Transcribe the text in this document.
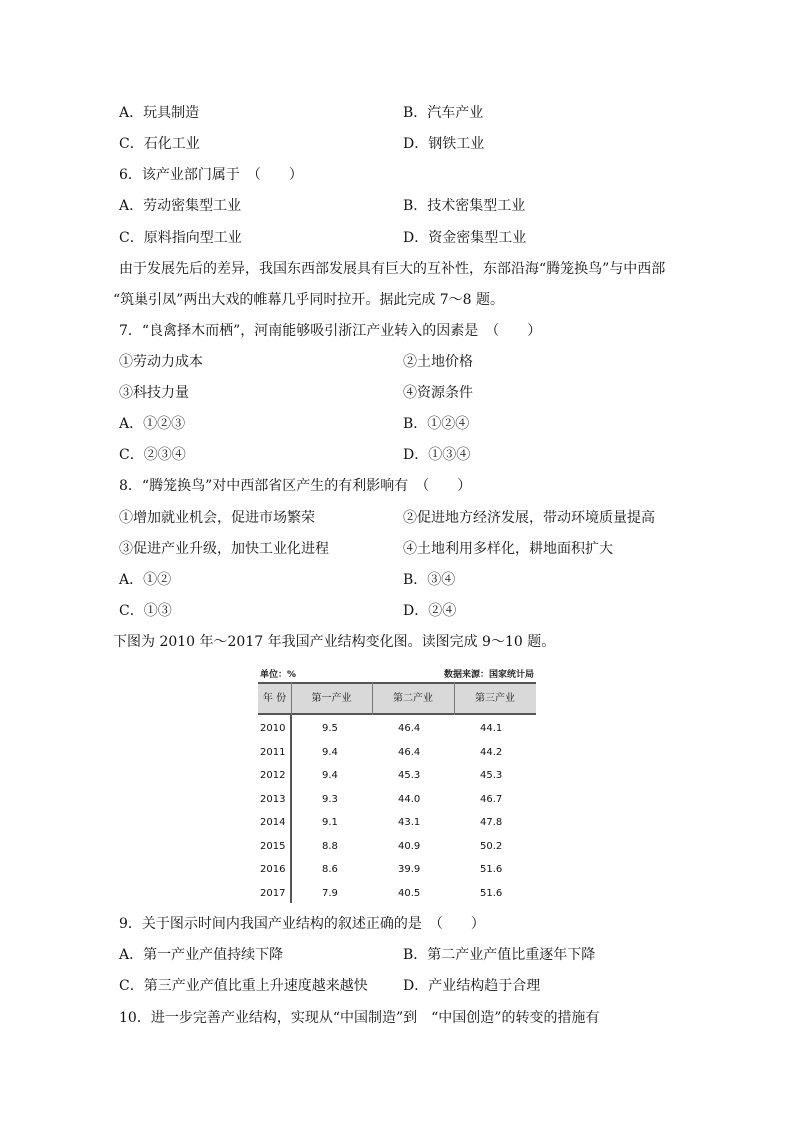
A．玩具制造	B．汽车产业
C．石化工业	D．钢铁工业
6．该产业部门属于　（　　）
A．劳动密集型工业	B．技术密集型工业
C．原料指向型工业	D．资金密集型工业
由于发展先后的差异，我国东西部发展具有巨大的互补性，东部沿海“腾笼换鸟”与中西部
“筑巢引凤”两出大戏的帷幕几乎同时拉开。据此完成 7～8 题。
7．“良禽择木而栖”，河南能够吸引浙江产业转入的因素是　（　　）
①劳动力成本	②土地价格
③科技力量	④资源条件
A．①②③	B．①②④
C．②③④	D．①③④
8．“腾笼换鸟”对中西部省区产生的有利影响有　（　　）
①增加就业机会，促进市场繁荣	②促进地方经济发展，带动环境质量提高
③促进产业升级，加快工业化进程	④土地利用多样化，耕地面积扩大
A．①②	B．③④
C．①③	D．②④
下图为 2010 年～2017 年我国产业结构变化图。读图完成 9～10 题。
单位：%	数据来源：国家统计局
年 份	第一产业	第二产业	第三产业
2010	9.5	46.4	44.1
2011	9.4	46.4	44.2
2012	9.4	45.3	45.3
2013	9.3	44.0	46.7
2014	9.1	43.1	47.8
2015	8.8	40.9	50.2
2016	8.6	39.9	51.6
2017	7.9	40.5	51.6
9．关于图示时间内我国产业结构的叙述正确的是　（　　）
A．第一产业产值持续下降	B．第二产业产值比重逐年下降
C．第三产业产值比重上升速度越来越快	D．产业结构趋于合理
10．进一步完善产业结构，实现从“中国制造”到　“中国创造”的转变的措施有
